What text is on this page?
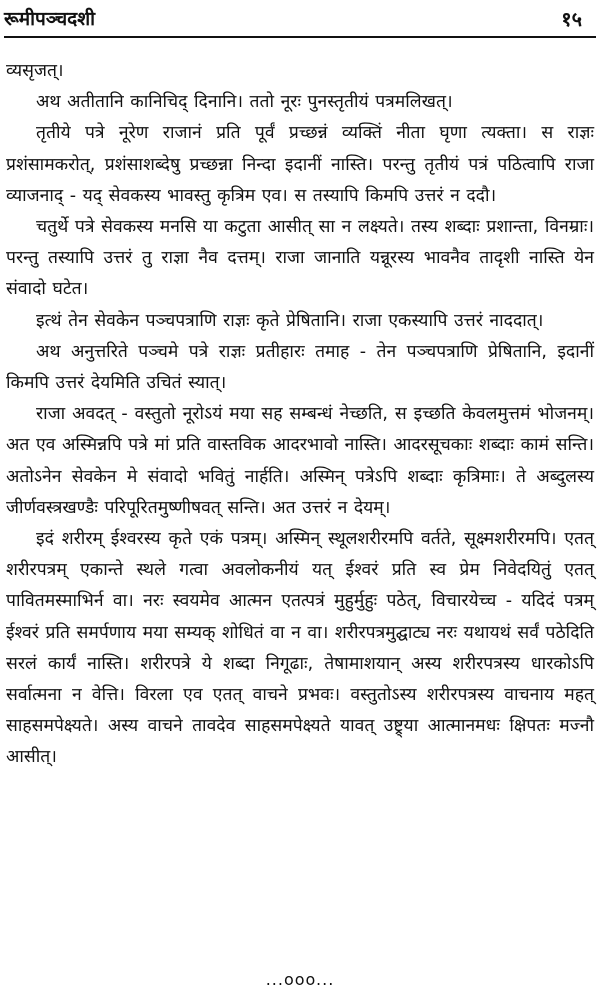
रूमीपञ्चदशी	१५

व्यसृजत्।

अथ अतीतानि कानिचिद् दिनानि। ततो नूरः पुनस्तृतीयं पत्रमलिखत्।

तृतीये पत्रे नूरेण राजानं प्रति पूर्वं प्रच्छन्नं व्यक्तिं नीता घृणा त्यक्ता। स राज्ञः प्रशंसामकरोत्, प्रशंसाशब्देषु प्रच्छन्ना निन्दा इदानीं नास्ति। परन्तु तृतीयं पत्रं पठित्वापि राजा व्याजनाद् - यद् सेवकस्य भावस्तु कृत्रिम एव। स तस्यापि किमपि उत्तरं न ददौ।

चतुर्थे पत्रे सेवकस्य मनसि या कटुता आसीत् सा न लक्ष्यते। तस्य शब्दाः प्रशान्ता, विनम्राः। परन्तु तस्यापि उत्तरं तु राज्ञा नैव दत्तम्। राजा जानाति यन्नूरस्य भावनैव तादृशी नास्ति येन संवादो घटेत।

इत्थं तेन सेवकेन पञ्चपत्राणि राज्ञः कृते प्रेषितानि। राजा एकस्यापि उत्तरं नाददात्।

अथ अनुत्तरिते पञ्चमे पत्रे राज्ञः प्रतीहारः तमाह - तेन पञ्चपत्राणि प्रेषितानि, इदानीं किमपि उत्तरं देयमिति उचितं स्यात्।

राजा अवदत् - वस्तुतो नूरोऽयं मया सह सम्बन्धं नेच्छति, स इच्छति केवलमुत्तमं भोजनम्। अत एव अस्मिन्नपि पत्रे मां प्रति वास्तविक आदरभावो नास्ति। आदरसूचकाः शब्दाः कामं सन्ति। अतोऽनेन सेवकेन मे संवादो भवितुं नार्हति। अस्मिन् पत्रेऽपि शब्दाः कृत्रिमाः। ते अब्दुलस्य जीर्णवस्त्रखण्डैः परिपूरितमुष्णीषवत् सन्ति। अत उत्तरं न देयम्।

इदं शरीरम् ईश्वरस्य कृते एकं पत्रम्। अस्मिन् स्थूलशरीरमपि वर्तते, सूक्ष्मशरीरमपि। एतत् शरीरपत्रम् एकान्ते स्थले गत्वा अवलोकनीयं यत् ईश्वरं प्रति स्व प्रेम निवेदयितुं एतत् पावितमस्माभिर्न वा। नरः स्वयमेव आत्मन एतत्पत्रं मुहुर्मुहुः पठेत्, विचारयेच्च - यदिदं पत्रम् ईश्वरं प्रति समर्पणाय मया सम्यक् शोधितं वा न वा। शरीरपत्रमुद्घाट्य नरः यथायथं सर्वं पठेदिति सरलं कार्यं नास्ति। शरीरपत्रे ये शब्दा निगूढाः, तेषामाशयान् अस्य शरीरपत्रस्य धारकोऽपि सर्वात्मना न वेत्ति। विरला एव एतत् वाचने प्रभवः। वस्तुतोऽस्य शरीरपत्रस्य वाचनाय महत् साहसमपेक्ष्यते। अस्य वाचने तावदेव साहसमपेक्ष्यते यावत् उष्ट्र्या आत्मानमधः क्षिपतः मज्नौ आसीत्।

...ooo...
